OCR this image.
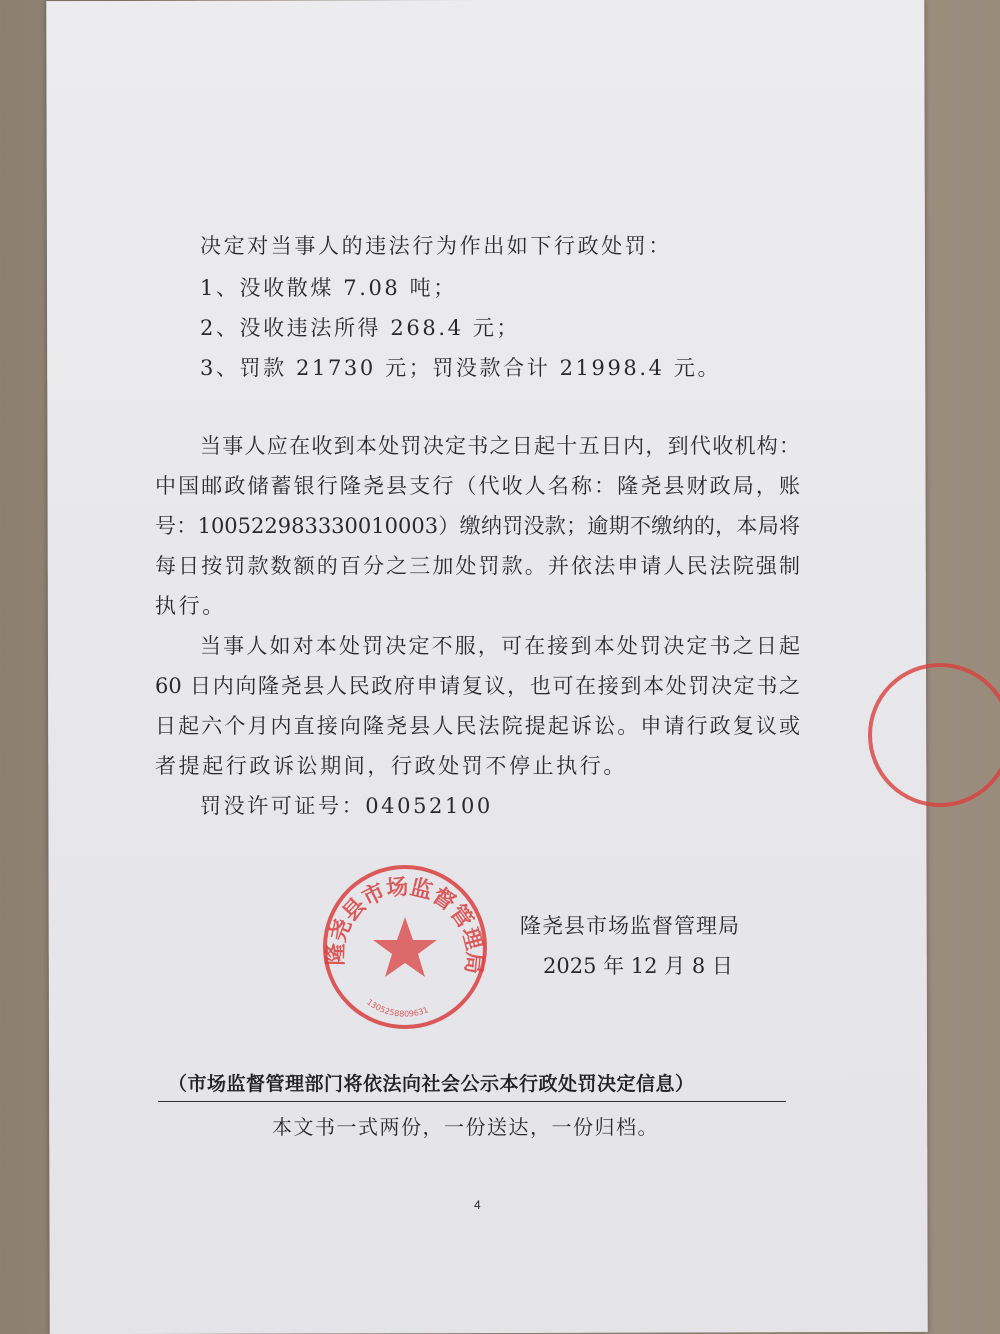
决定对当事人的违法行为作出如下行政处罚：
1、没收散煤 7.08 吨；
2、没收违法所得 268.4 元；
3、罚款 21730 元；罚没款合计 21998.4 元。
当事人应在收到本处罚决定书之日起十五日内，到代收机构：
中国邮政储蓄银行隆尧县支行（代收人名称：隆尧县财政局，账
号：100522983330010003）缴纳罚没款；逾期不缴纳的，本局将
每日按罚款数额的百分之三加处罚款。并依法申请人民法院强制
执行。
当事人如对本处罚决定不服，可在接到本处罚决定书之日起
60 日内向隆尧县人民政府申请复议，也可在接到本处罚决定书之
日起六个月内直接向隆尧县人民法院提起诉讼。申请行政复议或
者提起行政诉讼期间，行政处罚不停止执行。
罚没许可证号：04052100
隆尧县市场监督管理局
1305258809631
隆尧县市场监督管理局
2025 年 12 月 8 日
（市场监督管理部门将依法向社会公示本行政处罚决定信息）
本文书一式两份，一份送达，一份归档。
4
